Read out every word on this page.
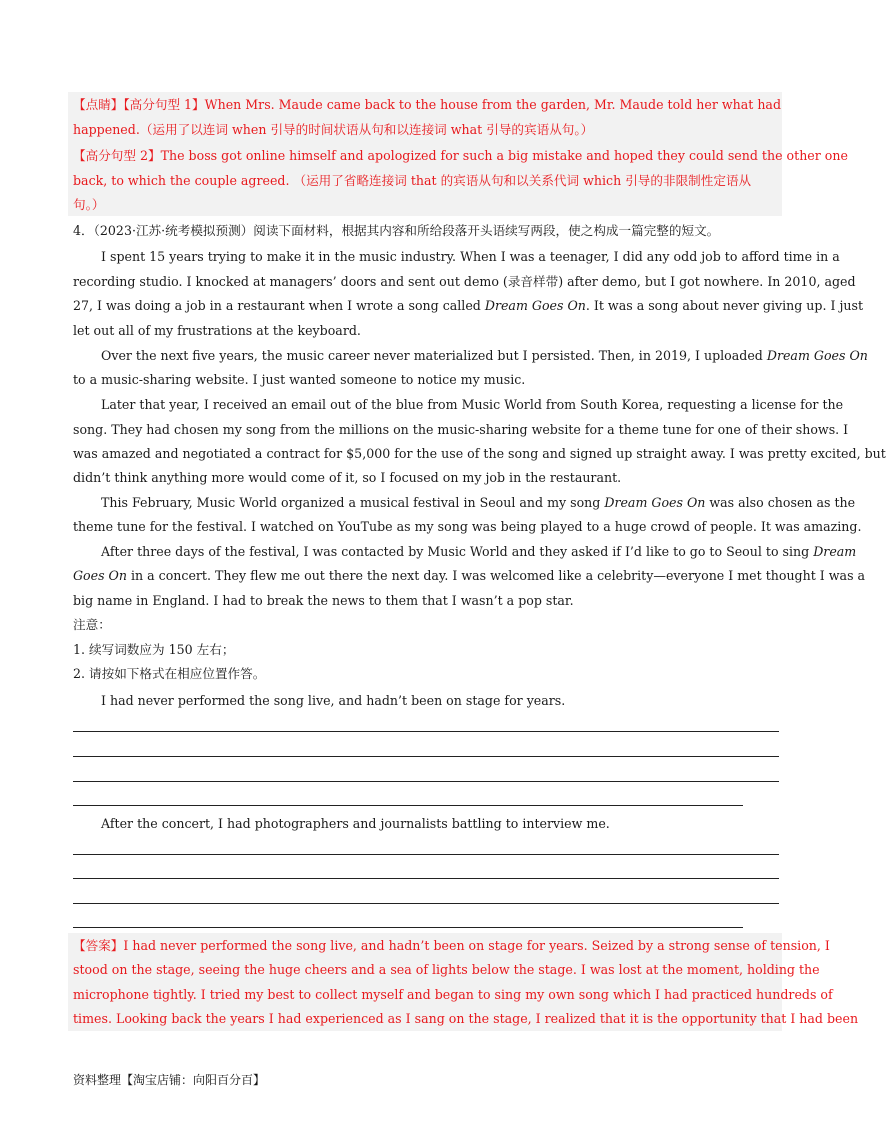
【点睛】【高分句型 1】When Mrs. Maude came back to the house from the garden, Mr. Maude told her what had
happened.（运用了以连词 when 引导的时间状语从句和以连接词 what 引导的宾语从句。）
【高分句型 2】The boss got online himself and apologized for such a big mistake and hoped they could send the other one
back, to which the couple agreed. （运用了省略连接词 that 的宾语从句和以关系代词 which 引导的非限制性定语从
句。）
4．（2023·江苏·统考模拟预测）阅读下面材料，根据其内容和所给段落开头语续写两段，使之构成一篇完整的短文。
I spent 15 years trying to make it in the music industry. When I was a teenager, I did any odd job to afford time in a
recording studio. I knocked at managers’ doors and sent out demo (录音样带) after demo, but I got nowhere. In 2010, aged
27, I was doing a job in a restaurant when I wrote a song called Dream Goes On. It was a song about never giving up. I just
let out all of my frustrations at the keyboard.
Over the next five years, the music career never materialized but I persisted. Then, in 2019, I uploaded Dream Goes On
to a music-sharing website. I just wanted someone to notice my music.
Later that year, I received an email out of the blue from Music World from South Korea, requesting a license for the
song. They had chosen my song from the millions on the music-sharing website for a theme tune for one of their shows. I
was amazed and negotiated a contract for $5,000 for the use of the song and signed up straight away. I was pretty excited, but
didn’t think anything more would come of it, so I focused on my job in the restaurant.
This February, Music World organized a musical festival in Seoul and my song Dream Goes On was also chosen as the
theme tune for the festival. I watched on YouTube as my song was being played to a huge crowd of people. It was amazing.
After three days of the festival, I was contacted by Music World and they asked if I’d like to go to Seoul to sing Dream
Goes On in a concert. They flew me out there the next day. I was welcomed like a celebrity—everyone I met thought I was a
big name in England. I had to break the news to them that I wasn’t a pop star.
注意：
1. 续写词数应为 150 左右；
2. 请按如下格式在相应位置作答。
I had never performed the song live, and hadn’t been on stage for years.
After the concert, I had photographers and journalists battling to interview me.
【答案】I had never performed the song live, and hadn’t been on stage for years. Seized by a strong sense of tension, I
stood on the stage, seeing the huge cheers and a sea of lights below the stage. I was lost at the moment, holding the
microphone tightly. I tried my best to collect myself and began to sing my own song which I had practiced hundreds of
times. Looking back the years I had experienced as I sang on the stage, I realized that it is the opportunity that I had been
资料整理【淘宝店铺：向阳百分百】
